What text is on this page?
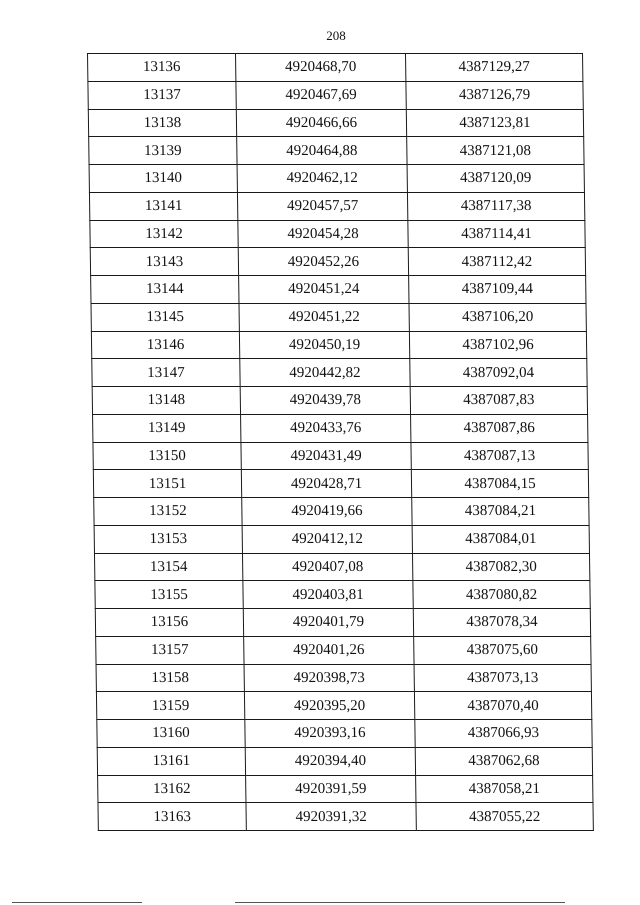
208
13136	4920468,70	4387129,27
13137	4920467,69	4387126,79
13138	4920466,66	4387123,81
13139	4920464,88	4387121,08
13140	4920462,12	4387120,09
13141	4920457,57	4387117,38
13142	4920454,28	4387114,41
13143	4920452,26	4387112,42
13144	4920451,24	4387109,44
13145	4920451,22	4387106,20
13146	4920450,19	4387102,96
13147	4920442,82	4387092,04
13148	4920439,78	4387087,83
13149	4920433,76	4387087,86
13150	4920431,49	4387087,13
13151	4920428,71	4387084,15
13152	4920419,66	4387084,21
13153	4920412,12	4387084,01
13154	4920407,08	4387082,30
13155	4920403,81	4387080,82
13156	4920401,79	4387078,34
13157	4920401,26	4387075,60
13158	4920398,73	4387073,13
13159	4920395,20	4387070,40
13160	4920393,16	4387066,93
13161	4920394,40	4387062,68
13162	4920391,59	4387058,21
13163	4920391,32	4387055,22
